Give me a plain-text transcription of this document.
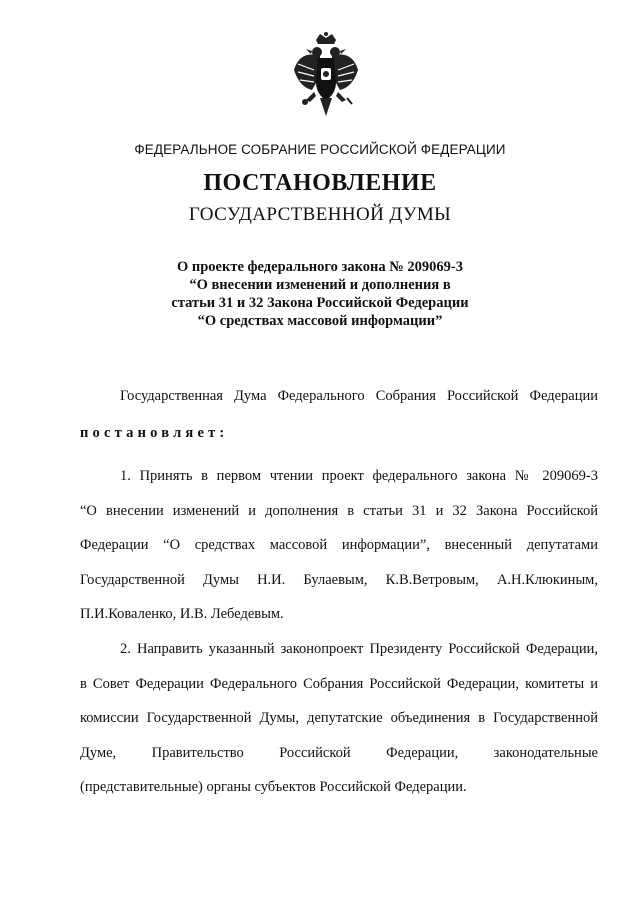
ФЕДЕРАЛЬНОЕ СОБРАНИЕ РОССИЙСКОЙ ФЕДЕРАЦИИ
ПОСТАНОВЛЕНИЕ
ГОСУДАРСТВЕННОЙ ДУМЫ
О проекте федерального закона № 209069-3
“О внесении изменений и дополнения в
статьи 31 и 32 Закона Российской Федерации
“О средствах массовой информации”
Государственная Дума Федерального Собрания Российской Федерации
постановляет:
1. Принять в первом чтении проект федерального закона № 209069-3
“О внесении изменений и дополнения в статьи 31 и 32 Закона Российской
Федерации “О средствах массовой информации”, внесенный депутатами
Государственной Думы Н.И. Булаевым, К.В.Ветровым, А.Н.Клюкиным,
П.И.Коваленко, И.В. Лебедевым.
2. Направить указанный законопроект Президенту Российской Федерации,
в Совет Федерации Федерального Собрания Российской Федерации, комитеты и
комиссии Государственной Думы, депутатские объединения в Государственной
Думе, Правительство Российской Федерации, законодательные
(представительные) органы субъектов Российской Федерации.
